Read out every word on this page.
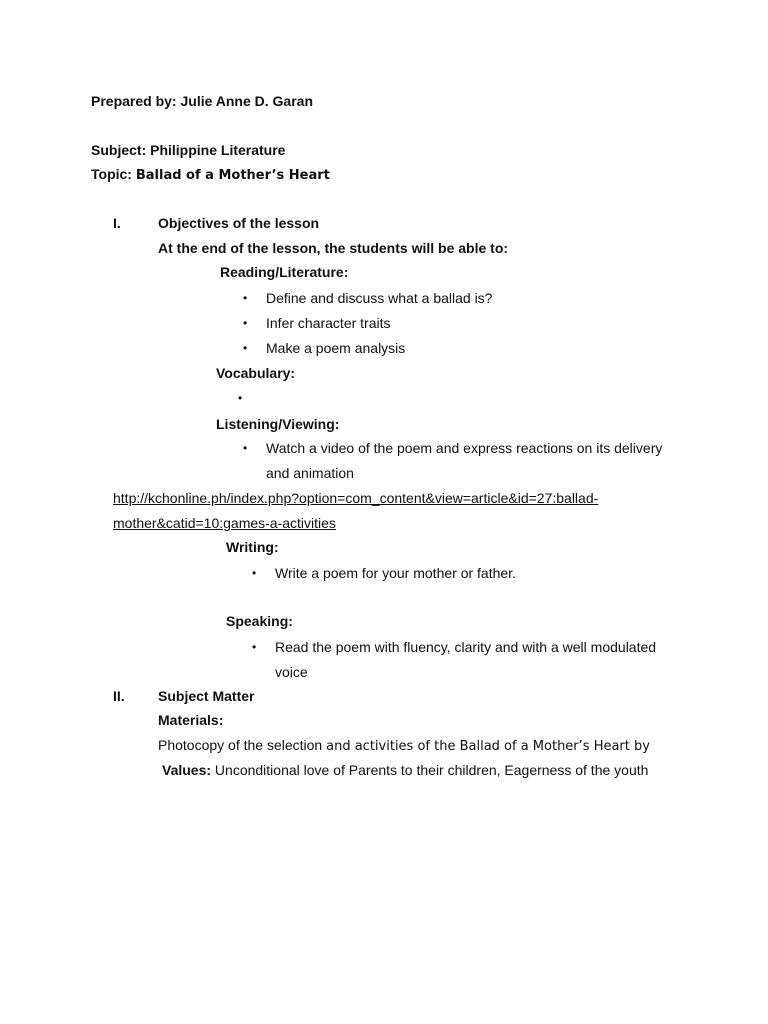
Prepared by: Julie Anne D. Garan
Subject: Philippine Literature
Topic: Ballad of a Mother’s Heart
I.	Objectives of the lesson
At the end of the lesson, the students will be able to:
Reading/Literature:
• Define and discuss what a ballad is?
• Infer character traits
• Make a poem analysis
Vocabulary:
•
Listening/Viewing:
• Watch a video of the poem and express reactions on its delivery
and animation
http://kchonline.ph/index.php?option=com_content&view=article&id=27:ballad-
mother&catid=10:games-a-activities
Writing:
• Write a poem for your mother or father.
Speaking:
• Read the poem with fluency, clarity and with a well modulated
voice
II. Subject Matter
Materials:
Photocopy of the selection and activities of the Ballad of a Mother’s Heart by
Values: Unconditional love of Parents to their children, Eagerness of the youth
